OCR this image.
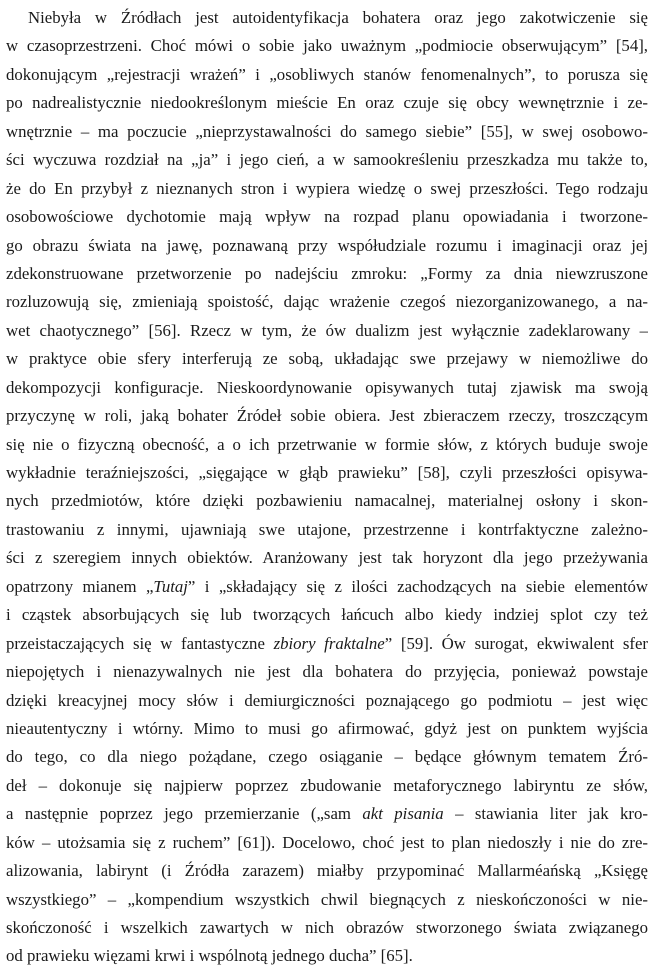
Niebyła w Źródłach jest autoidentyfikacja bohatera oraz jego zakotwiczenie się
w czasoprzestrzeni. Choć mówi o sobie jako uważnym „podmiocie obserwującym” [54],
dokonującym „rejestracji wrażeń” i „osobliwych stanów fenomenalnych”, to porusza się
po nadrealistycznie niedookreślonym mieście En oraz czuje się obcy wewnętrznie i ze-
wnętrznie – ma poczucie „nieprzystawalności do samego siebie” [55], w swej osobowo-
ści wyczuwa rozdział na „ja” i jego cień, a w samookreśleniu przeszkadza mu także to,
że do En przybył z nieznanych stron i wypiera wiedzę o swej przeszłości. Tego rodzaju
osobowościowe dychotomie mają wpływ na rozpad planu opowiadania i tworzone-
go obrazu świata na jawę, poznawaną przy współudziale rozumu i imaginacji oraz jej
zdekonstruowane przetworzenie po nadejściu zmroku: „Formy za dnia niewzruszone
rozluzowują się, zmieniają spoistość, dając wrażenie czegoś niezorganizowanego, a na-
wet chaotycznego” [56]. Rzecz w tym, że ów dualizm jest wyłącznie zadeklarowany –
w praktyce obie sfery interferują ze sobą, układając swe przejawy w niemożliwe do
dekompozycji konfiguracje. Nieskoordynowanie opisywanych tutaj zjawisk ma swoją
przyczynę w roli, jaką bohater Źródeł sobie obiera. Jest zbieraczem rzeczy, troszczącym
się nie o fizyczną obecność, a o ich przetrwanie w formie słów, z których buduje swoje
wykładnie teraźniejszości, „sięgające w głąb prawieku” [58], czyli przeszłości opisywa-
nych przedmiotów, które dzięki pozbawieniu namacalnej, materialnej osłony i skon-
trastowaniu z innymi, ujawniają swe utajone, przestrzenne i kontrfaktyczne zależno-
ści z szeregiem innych obiektów. Aranżowany jest tak horyzont dla jego przeżywania
opatrzony mianem „Tutaj” i „składający się z ilości zachodzących na siebie elementów
i cząstek absorbujących się lub tworzących łańcuch albo kiedy indziej splot czy też
przeistaczających się w fantastyczne zbiory fraktalne” [59]. Ów surogat, ekwiwalent sfer
niepojętych i nienazywalnych nie jest dla bohatera do przyjęcia, ponieważ powstaje
dzięki kreacyjnej mocy słów i demiurgiczności poznającego go podmiotu – jest więc
nieautentyczny i wtórny. Mimo to musi go afirmować, gdyż jest on punktem wyjścia
do tego, co dla niego pożądane, czego osiąganie – będące głównym tematem Źró-
deł – dokonuje się najpierw poprzez zbudowanie metaforycznego labiryntu ze słów,
a następnie poprzez jego przemierzanie („sam akt pisania – stawiania liter jak kro-
ków – utożsamia się z ruchem” [61]). Docelowo, choć jest to plan niedoszły i nie do zre-
alizowania, labirynt (i Źródła zarazem) miałby przypominać Mallarméańską „Księgę
wszystkiego” – „kompendium wszystkich chwil biegnących z nieskończoności w nie-
skończoność i wszelkich zawartych w nich obrazów stworzonego świata związanego
od prawieku więzami krwi i wspólnotą jednego ducha” [65].
